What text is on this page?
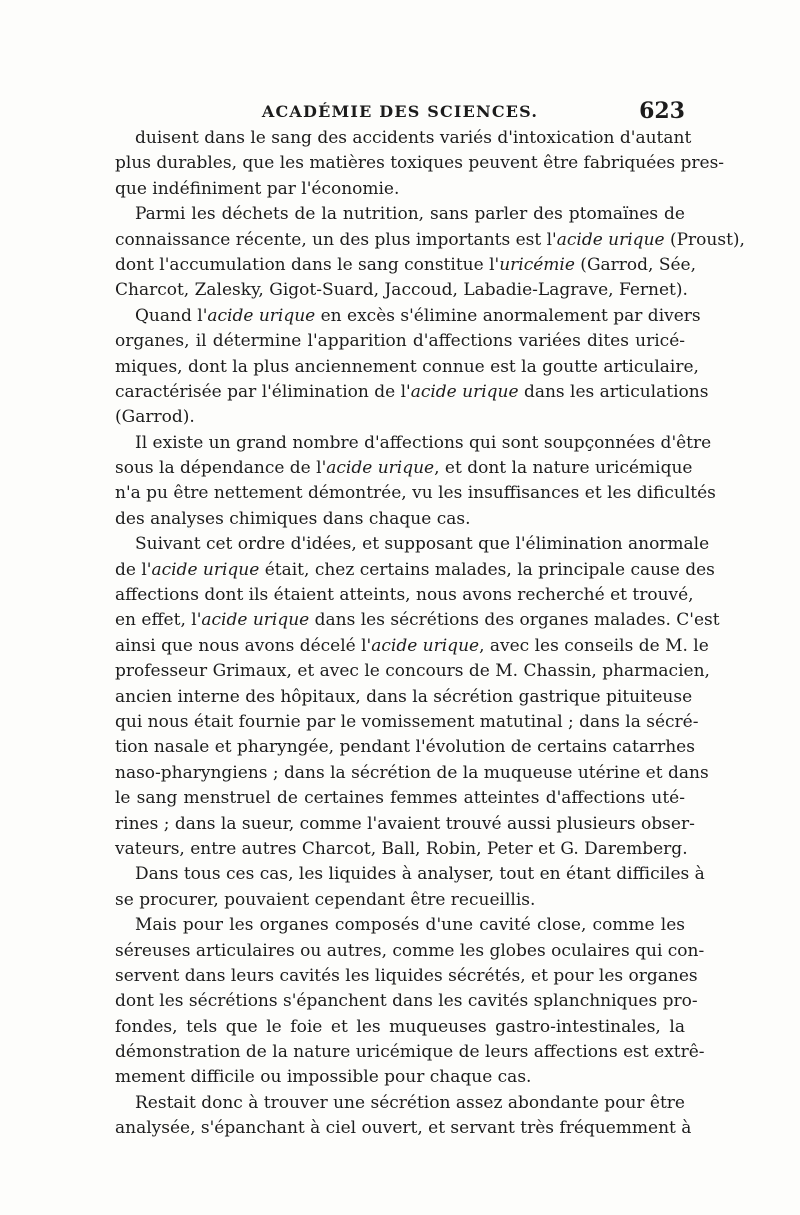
ACADÉMIE DES SCIENCES.	623
duisent dans le sang des accidents variés d'intoxication d'autant
plus durables, que les matières toxiques peuvent être fabriquées pres-
que indéfiniment par l'économie.
Parmi les déchets de la nutrition, sans parler des ptomaïnes de
connaissance récente, un des plus importants est l'acide urique (Proust),
dont l'accumulation dans le sang constitue l'uricémie (Garrod, Sée,
Charcot, Zalesky, Gigot-Suard, Jaccoud, Labadie-Lagrave, Fernet).
Quand l'acide urique en excès s'élimine anormalement par divers
organes, il détermine l'apparition d'affections variées dites uricé-
miques, dont la plus anciennement connue est la goutte articulaire,
caractérisée par l'élimination de l'acide urique dans les articulations
(Garrod).
Il existe un grand nombre d'affections qui sont soupçonnées d'être
sous la dépendance de l'acide urique, et dont la nature uricémique
n'a pu être nettement démontrée, vu les insuffisances et les dificultés
des analyses chimiques dans chaque cas.
Suivant cet ordre d'idées, et supposant que l'élimination anormale
de l'acide urique était, chez certains malades, la principale cause des
affections dont ils étaient atteints, nous avons recherché et trouvé,
en effet, l'acide urique dans les sécrétions des organes malades. C'est
ainsi que nous avons décelé l'acide urique, avec les conseils de M. le
professeur Grimaux, et avec le concours de M. Chassin, pharmacien,
ancien interne des hôpitaux, dans la sécrétion gastrique pituiteuse
qui nous était fournie par le vomissement matutinal ; dans la sécré-
tion nasale et pharyngée, pendant l'évolution de certains catarrhes
naso-pharyngiens ; dans la sécrétion de la muqueuse utérine et dans
le sang menstruel de certaines femmes atteintes d'affections uté-
rines ; dans la sueur, comme l'avaient trouvé aussi plusieurs obser-
vateurs, entre autres Charcot, Ball, Robin, Peter et G. Daremberg.
Dans tous ces cas, les liquides à analyser, tout en étant difficiles à
se procurer, pouvaient cependant être recueillis.
Mais pour les organes composés d'une cavité close, comme les
séreuses articulaires ou autres, comme les globes oculaires qui con-
servent dans leurs cavités les liquides sécrétés, et pour les organes
dont les sécrétions s'épanchent dans les cavités splanchniques pro-
fondes, tels que le foie et les muqueuses gastro-intestinales, la
démonstration de la nature uricémique de leurs affections est extrê-
mement difficile ou impossible pour chaque cas.
Restait donc à trouver une sécrétion assez abondante pour être
analysée, s'épanchant à ciel ouvert, et servant très fréquemment à
